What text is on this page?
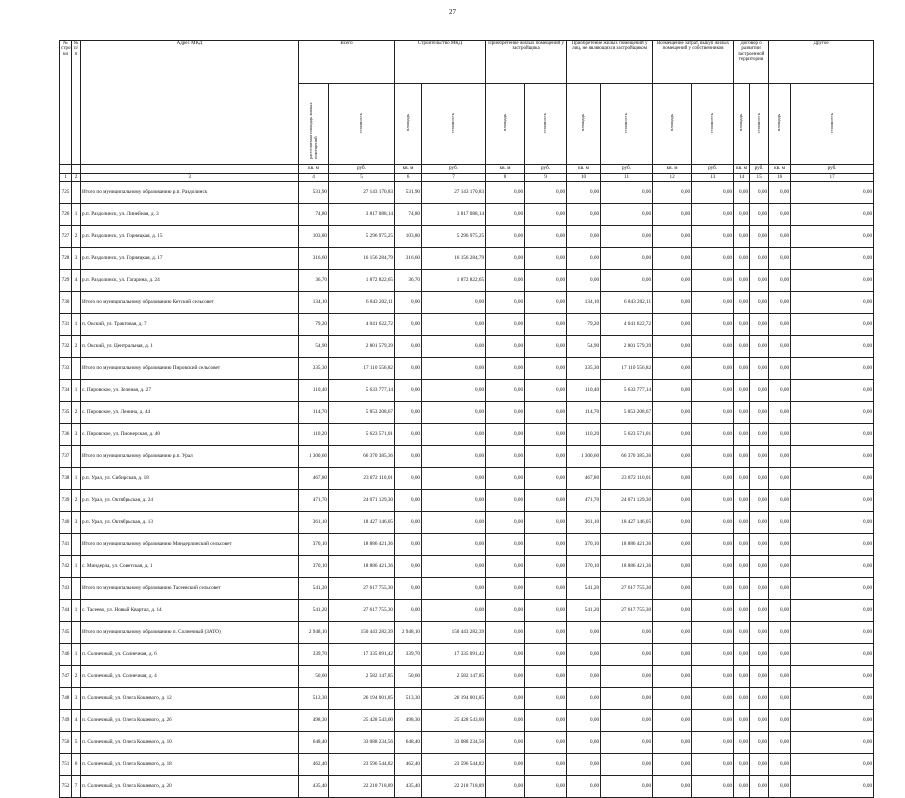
27
№ стро ки	№ п/п	Адрес МКД	Всего		Строительство МКД		Приобретение жилых помещений у застройщика		Приобретение жилых помещений у лиц, не являющихся застройщиком		Возмещение затрат, выкуп жилых помещений у собственников		Договор о развитии застроенной территории		Другое	
			расселяемая площадь жилых помещений	стоимость	площадь	стоимость	площадь	стоимость	площадь	стоимость	площадь	стоимость	площадь	стоимость	площадь	стоимость
			кв. м	руб.	кв. м	руб.	кв. м	руб.	кв. м	руб.	кв. м	руб.	кв. м	руб.	кв. м	руб.
1	2	3	4	5	6	7	8	9	10	11	12	13	14	15	16	17
725		Итого по муниципальному образованию р.п. Раздолинск	531,90	27 143 170,83	531,90	27 143 170,83	0,00	0,00	0,00	0,00	0,00	0,00	0,00	0,00	0,00	0,00
726	1	р.п. Раздолинск, ул. Линейная, д. 3	74,80	3 817 088,14	74,80	3 817 088,14	0,00	0,00	0,00	0,00	0,00	0,00	0,00	0,00	0,00	0,00
727	2	р.п. Раздолинск, ул. Горняцкая, д. 15	103,80	5 296 975,25	103,80	5 296 975,25	0,00	0,00	0,00	0,00	0,00	0,00	0,00	0,00	0,00	0,00
728	3	р.п. Раздолинск, ул. Горняцкая, д. 17	316,60	16 156 284,79	316,60	16 156 284,79	0,00	0,00	0,00	0,00	0,00	0,00	0,00	0,00	0,00	0,00
729	4	р.п. Раздолинск, ул. Гагарина, д. 24	36,70	1 872 822,65	36,70	1 872 822,65	0,00	0,00	0,00	0,00	0,00	0,00	0,00	0,00	0,00	0,00
730		Итого по муниципальному образованию Кетский сельсовет	134,10	6 843 202,11	0,00	0,00	0,00	0,00	134,10	6 843 202,11	0,00	0,00	0,00	0,00	0,00	0,00
731	1	п. Окский, ул. Трактовая, д. 7	79,20	4 041 622,72	0,00	0,00	0,00	0,00	79,20	4 041 622,72	0,00	0,00	0,00	0,00	0,00	0,00
732	2	п. Окский, ул. Центральная, д. 1	54,90	2 801 579,39	0,00	0,00	0,00	0,00	54,90	2 801 579,39	0,00	0,00	0,00	0,00	0,00	0,00
733		Итого по муниципальному образованию Пировский сельсовет	335,30	17 110 556,82	0,00	0,00	0,00	0,00	335,30	17 110 556,82	0,00	0,00	0,00	0,00	0,00	0,00
734	1	с. Пировское, ул. Зеленая, д. 27	110,40	5 633 777,14	0,00	0,00	0,00	0,00	110,40	5 633 777,14	0,00	0,00	0,00	0,00	0,00	0,00
735	2	с. Пировское, ул. Ленина, д. 44	114,70	5 853 208,67	0,00	0,00	0,00	0,00	114,70	5 853 208,67	0,00	0,00	0,00	0,00	0,00	0,00
736	3	с. Пировское, ул. Пионерская, д. 40	110,20	5 623 571,01	0,00	0,00	0,00	0,00	110,20	5 623 571,01	0,00	0,00	0,00	0,00	0,00	0,00
737		Итого по муниципальному образованию р.п. Урал	1 300,60	66 370 385,36	0,00	0,00	0,00	0,00	1 300,60	66 370 385,36	0,00	0,00	0,00	0,00	0,00	0,00
738	1	р.п. Урал, ул. Сибирская, д. 18	467,80	23 872 110,01	0,00	0,00	0,00	0,00	467,80	23 872 110,01	0,00	0,00	0,00	0,00	0,00	0,00
739	2	р.п. Урал, ул. Октябрьская, д. 24	471,70	24 071 129,30	0,00	0,00	0,00	0,00	471,70	24 071 129,30	0,00	0,00	0,00	0,00	0,00	0,00
740	3	р.п. Урал, ул. Октябрьская, д. 13	361,10	18 427 146,05	0,00	0,00	0,00	0,00	361,10	18 427 146,05	0,00	0,00	0,00	0,00	0,00	0,00
741		Итого по муниципальному образованию Миндерлинский сельсовет	370,10	18 886 421,36	0,00	0,00	0,00	0,00	370,10	18 886 421,36	0,00	0,00	0,00	0,00	0,00	0,00
742	1	с. Миндерла, ул. Советская, д. 1	370,10	18 886 421,36	0,00	0,00	0,00	0,00	370,10	18 886 421,36	0,00	0,00	0,00	0,00	0,00	0,00
743		Итого по муниципальному образованию Тасеевский сельсовет	541,20	27 617 755,30	0,00	0,00	0,00	0,00	541,20	27 617 755,30	0,00	0,00	0,00	0,00	0,00	0,00
744	1	с. Тасеево, ул. Новый Квартал, д. 14	541,20	27 617 755,30	0,00	0,00	0,00	0,00	541,20	27 617 755,30	0,00	0,00	0,00	0,00	0,00	0,00
745		Итого по муниципальному образованию п. Солнечный (ЗАТО)	2 948,10	150 443 282,39	2 948,10	150 443 282,39	0,00	0,00	0,00	0,00	0,00	0,00	0,00	0,00	0,00	0,00
746	1	п. Солнечный, ул. Солнечная, д. 6	339,70	17 335 091,42	339,70	17 335 091,42	0,00	0,00	0,00	0,00	0,00	0,00	0,00	0,00	0,00	0,00
747	2	п. Солнечный, ул. Солнечная, д. 4	50,60	2 582 147,85	50,60	2 582 147,85	0,00	0,00	0,00	0,00	0,00	0,00	0,00	0,00	0,00	0,00
748	3	п. Солнечный, ул. Олега Кошевого, д. 12	513,30	26 194 001,85	513,30	26 194 001,85	0,00	0,00	0,00	0,00	0,00	0,00	0,00	0,00	0,00	0,00
749	4	п. Солнечный, ул. Олега Кошевого, д. 26	498,30	25 428 543,00	498,30	25 428 543,00	0,00	0,00	0,00	0,00	0,00	0,00	0,00	0,00	0,00	0,00
750	5	п. Солнечный, ул. Олега Кошевого, д. 10	648,40	33 088 234,56	648,40	33 088 234,56	0,00	0,00	0,00	0,00	0,00	0,00	0,00	0,00	0,00	0,00
751	6	п. Солнечный, ул. Олега Кошевого, д. 18	462,40	23 596 544,82	462,40	23 596 544,82	0,00	0,00	0,00	0,00	0,00	0,00	0,00	0,00	0,00	0,00
752	7	п. Солнечный, ул. Олега Кошевого, д. 20	435,40	22 218 718,89	435,40	22 218 718,89	0,00	0,00	0,00	0,00	0,00	0,00	0,00	0,00	0,00	0,00
